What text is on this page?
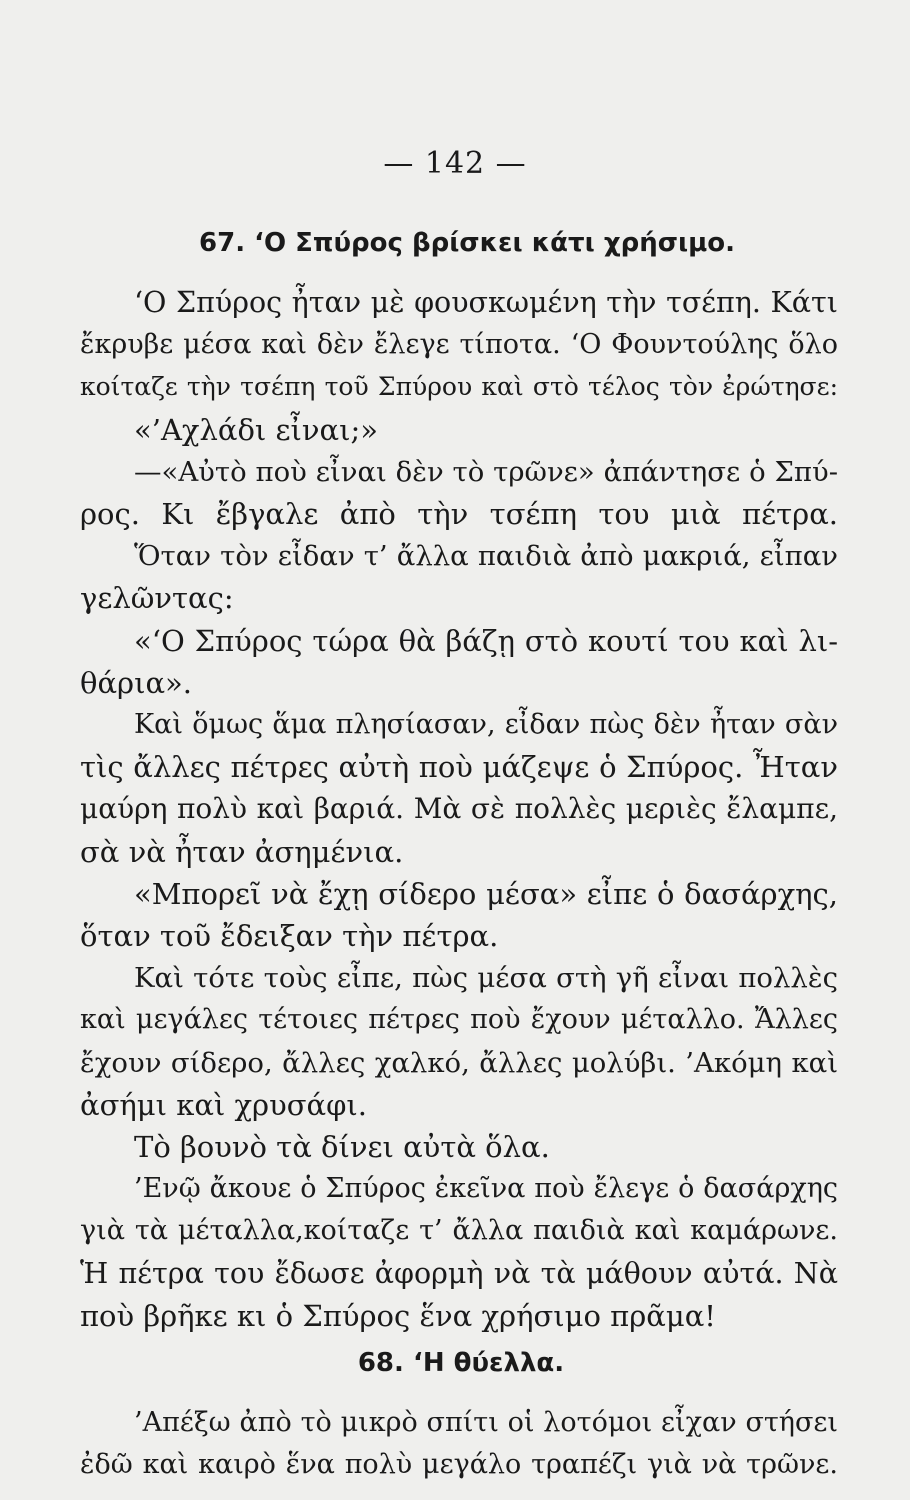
— 142 —
67. ‘Ο Σπύρος βρίσκει κάτι χρήσιμο.
‘Ο Σπύρος ἦταν μὲ φουσκωμένη τὴν τσέπη. Κάτι
ἔκρυβε μέσα καὶ δὲν ἔλεγε τίποτα. ‘Ο Φουντούλης ὅλο
κοίταζε τὴν τσέπη τοῦ Σπύρου καὶ στὸ τέλος τὸν ἐρώτησε:
«’Αχλάδι εἶναι;»
—«Αὐτὸ ποὺ εἶναι δὲν τὸ τρῶνε» ἀπάντησε ὁ Σπύ-
ρος. Κι ἔβγαλε ἀπὸ τὴν τσέπη του μιὰ πέτρα.
Ὅταν τὸν εἶδαν τ’ ἄλλα παιδιὰ ἀπὸ μακριά, εἶπαν
γελῶντας:
«‘Ο Σπύρος τώρα θὰ βάζῃ στὸ κουτί του καὶ λι-
θάρια».
Καὶ ὅμως ἅμα πλησίασαν, εἶδαν πὼς δὲν ἦταν σὰν
τὶς ἄλλες πέτρες αὐτὴ ποὺ μάζεψε ὁ Σπύρος. Ἦταν
μαύρη πολὺ καὶ βαριά. Μὰ σὲ πολλὲς μεριὲς ἔλαμπε,
σὰ νὰ ἦταν ἀσημένια.
«Μπορεῖ νὰ ἔχῃ σίδερο μέσα» εἶπε ὁ δασάρχης,
ὅταν τοῦ ἔδειξαν τὴν πέτρα.
Καὶ τότε τοὺς εἶπε, πὼς μέσα στὴ γῆ εἶναι πολλὲς
καὶ μεγάλες τέτοιες πέτρες ποὺ ἔχουν μέταλλο. Ἄλλες
ἔχουν σίδερο, ἄλλες χαλκό, ἄλλες μολύβι. ’Ακόμη καὶ
ἀσήμι καὶ χρυσάφι.
Τὸ βουνὸ τὰ δίνει αὐτὰ ὅλα.
’Ενῷ ἄκουε ὁ Σπύρος ἐκεῖνα ποὺ ἔλεγε ὁ δασάρχης
γιὰ τὰ μέταλλα,κοίταζε τ’ ἄλλα παιδιὰ καὶ καμάρωνε.
Ἡ πέτρα του ἔδωσε ἀφορμὴ νὰ τὰ μάθουν αὐτά. Νὰ
ποὺ βρῆκε κι ὁ Σπύρος ἕνα χρήσιμο πρᾶμα!
68. ‘Η θύελλα.
’Απέξω ἀπὸ τὸ μικρὸ σπίτι οἱ λοτόμοι εἶχαν στήσει
ἐδῶ καὶ καιρὸ ἕνα πολὺ μεγάλο τραπέζι γιὰ νὰ τρῶνε.
